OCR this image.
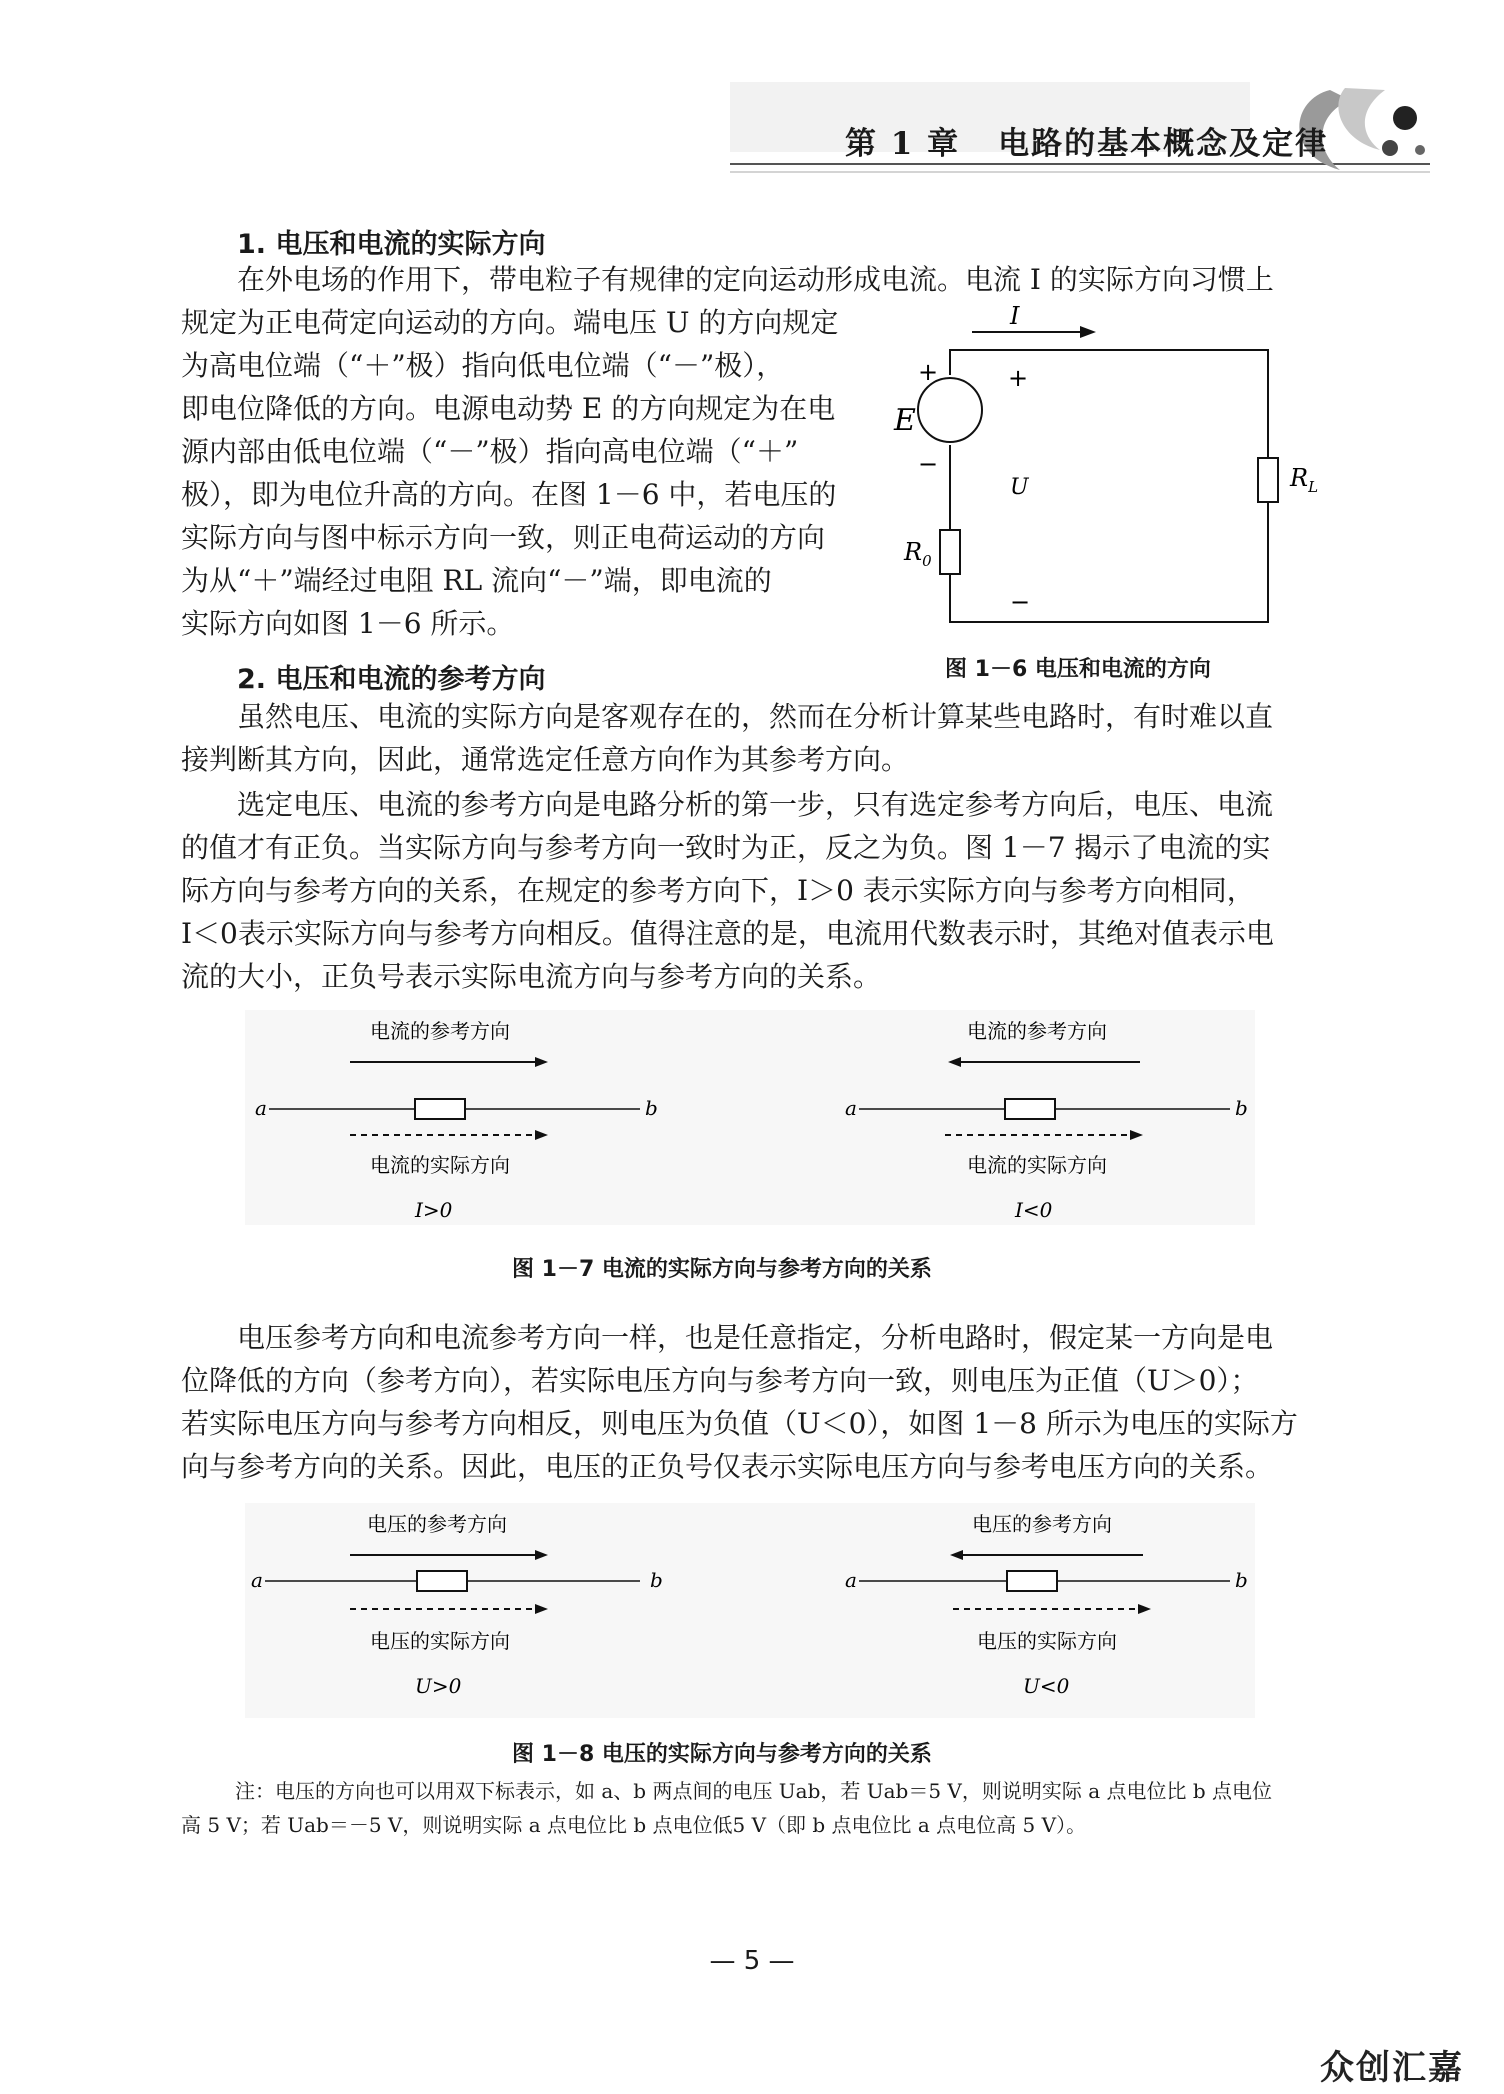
第 1 章 电路的基本概念及定律
1. 电压和电流的实际方向
在外电场的作用下，带电粒子有规律的定向运动形成电流。电流 I 的实际方向习惯上
规定为正电荷定向运动的方向。端电压 U 的方向规定
为高电位端（“＋”极）指向低电位端（“－”极），
即电位降低的方向。电源电动势 E 的方向规定为在电
源内部由低电位端（“－”极）指向高电位端（“＋”
极），即为电位升高的方向。在图 1－6 中，若电压的
实际方向与图中标示方向一致，则正电荷运动的方向
为从“＋”端经过电阻 RL 流向“－”端，即电流的
实际方向如图 1－6 所示。
I
E
+
−
$R_0$
$R_L$
+
U
−
图 1－6 电压和电流的方向
2. 电压和电流的参考方向
虽然电压、电流的实际方向是客观存在的，然而在分析计算某些电路时，有时难以直
接判断其方向，因此，通常选定任意方向作为其参考方向。
选定电压、电流的参考方向是电路分析的第一步，只有选定参考方向后，电压、电流
的值才有正负。当实际方向与参考方向一致时为正，反之为负。图 1－7 揭示了电流的实
际方向与参考方向的关系，在规定的参考方向下，I＞0 表示实际方向与参考方向相同，
I＜0表示实际方向与参考方向相反。值得注意的是，电流用代数表示时，其绝对值表示电
流的大小，正负号表示实际电流方向与参考方向的关系。
电流的参考方向
a	b
电流的实际方向
I>0
电流的参考方向
a	b
电流的实际方向
I<0
图 1－7 电流的实际方向与参考方向的关系
电压参考方向和电流参考方向一样，也是任意指定，分析电路时，假定某一方向是电
位降低的方向（参考方向），若实际电压方向与参考方向一致，则电压为正值（U＞0）；
若实际电压方向与参考方向相反，则电压为负值（U＜0），如图 1－8 所示为电压的实际方
向与参考方向的关系。因此，电压的正负号仅表示实际电压方向与参考电压方向的关系。
电压的参考方向
a	b
电压的实际方向
U>0
电压的参考方向
a	b
电压的实际方向
U<0
图 1－8 电压的实际方向与参考方向的关系
注：电压的方向也可以用双下标表示，如 a、b 两点间的电压 Uab，若 Uab＝5 V，则说明实际 a 点电位比 b 点电位
高 5 V；若 Uab＝－5 V，则说明实际 a 点电位比 b 点电位低5 V（即 b 点电位比 a 点电位高 5 V）。
— 5 —
众创汇嘉
